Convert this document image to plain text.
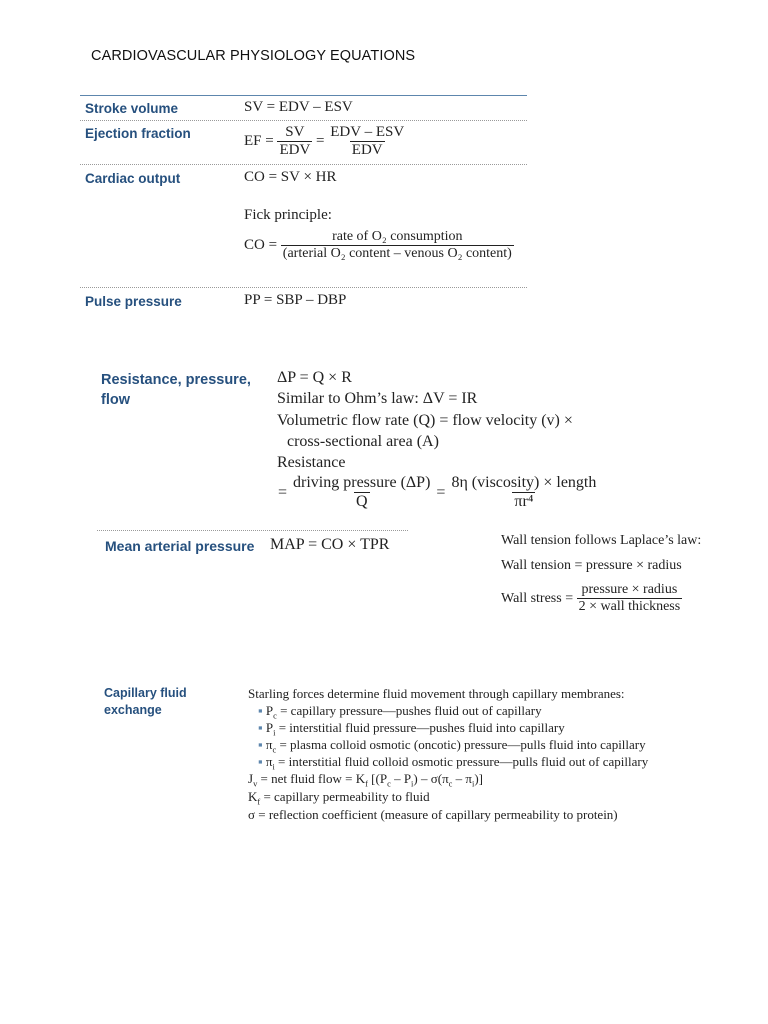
CARDIOVASCULAR PHYSIOLOGY EQUATIONS
Stroke volume	SV = EDV – ESV
Ejection fraction	EF = $\frac{SV}{\text{EDV}} = \frac{\text{EDV – ESV}}{\text{EDV}}$
Cardiac output	CO = SV × HR
Fick principle:
CO = $\frac{\text{rate of O₂ consumption}}{\text{(arterial O₂ content – venous O₂ content)}}$
Pulse pressure	PP = SBP – DBP
Resistance, pressure,
flow
ΔP = Q × R
Similar to Ohm’s law: ΔV = IR
Volumetric flow rate (Q) = flow velocity (v) ×
cross-sectional area (A)
Resistance
= $\frac{\text{driving pressure (ΔP)}}{Q} = \frac{\text{8η (viscosity) × length}}{\text{πr⁴}}$
Mean arterial pressure MAP = CO × TPR	Wall tension follows Laplace’s law:
Wall tension = pressure × radius
Wall stress = $\frac{\text{pressure × radius}}{\text{2 × wall thickness}}$
Capillary fluid
exchange
Starling forces determine fluid movement through capillary membranes:
▪ $P_c$ = capillary pressure—pushes fluid out of capillary
▪ $P_i$ = interstitial fluid pressure—pushes fluid into capillary
▪ $\pi_c$ = plasma colloid osmotic (oncotic) pressure—pulls fluid into capillary
▪ $\pi_i$ = interstitial fluid colloid osmotic pressure—pulls fluid out of capillary
$J_v$ = net fluid flow = $K_f$ $[(P_c - P_i) - \sigma(\pi_c - \pi_i)]$
$K_f$ = capillary permeability to fluid
σ = reflection coefficient (measure of capillary permeability to protein)
